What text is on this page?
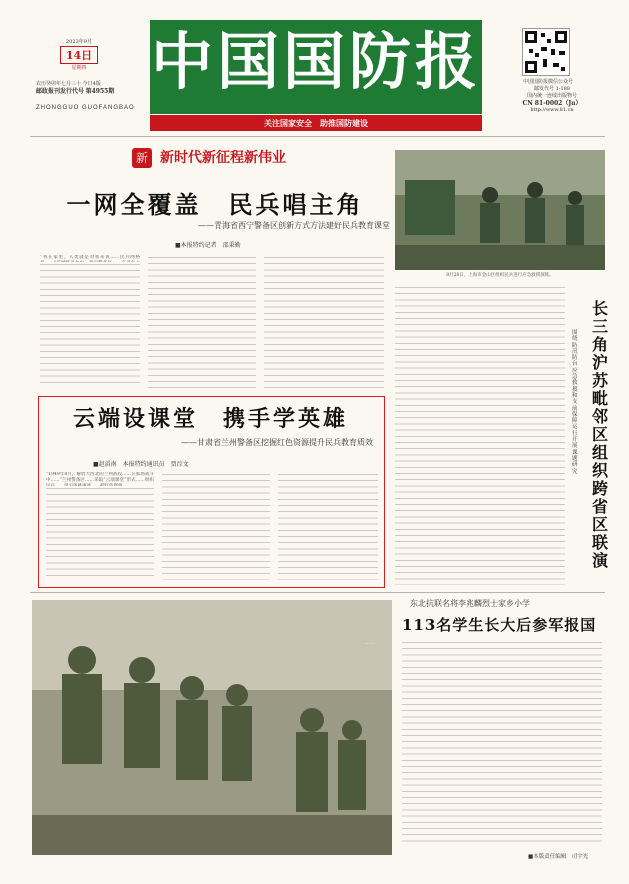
2023年9月
14日
星期四
农历癸卯年七月三十 今日4版
邮政报刊发行代号 第4955期
ZHONGGUO GUOFANGBAO
中国国防报
关注国家安全　助推国防建设
中国国防报微信公众号
邮发代号 1-188
国内统一连续出版物号
CN 81-0002（Ju）
http://www.81.cn
新 新时代新征程新伟业
一网全覆盖　民兵唱主角
——青海省西宁警备区创新方式方法建好民兵教育课堂
■本报特约记者　邵秉勤
“我在家里，人类就是对我来说……民兵网格
云端设课堂　携手学英雄
——甘肃省兰州警备区挖掘红色资源提升民兵教育质效
■赵滔南　本报特约通讯员　贾淙文
“1949年8月，解放大西北的兰州战役……在那场战斗中……”兰州警备区……采取“云端课堂”形式……组织
8月28日，上海市金山区组织民兵进行应急救援演练。
围绕防汛防台应急救援和支前保障运行开展课题研究
长三角沪苏毗邻区组织跨省区联演
……
东北抗联名将李兆麟烈士家乡小学
113名学生长大后参军报国
■本版责任编辑　司宇光
